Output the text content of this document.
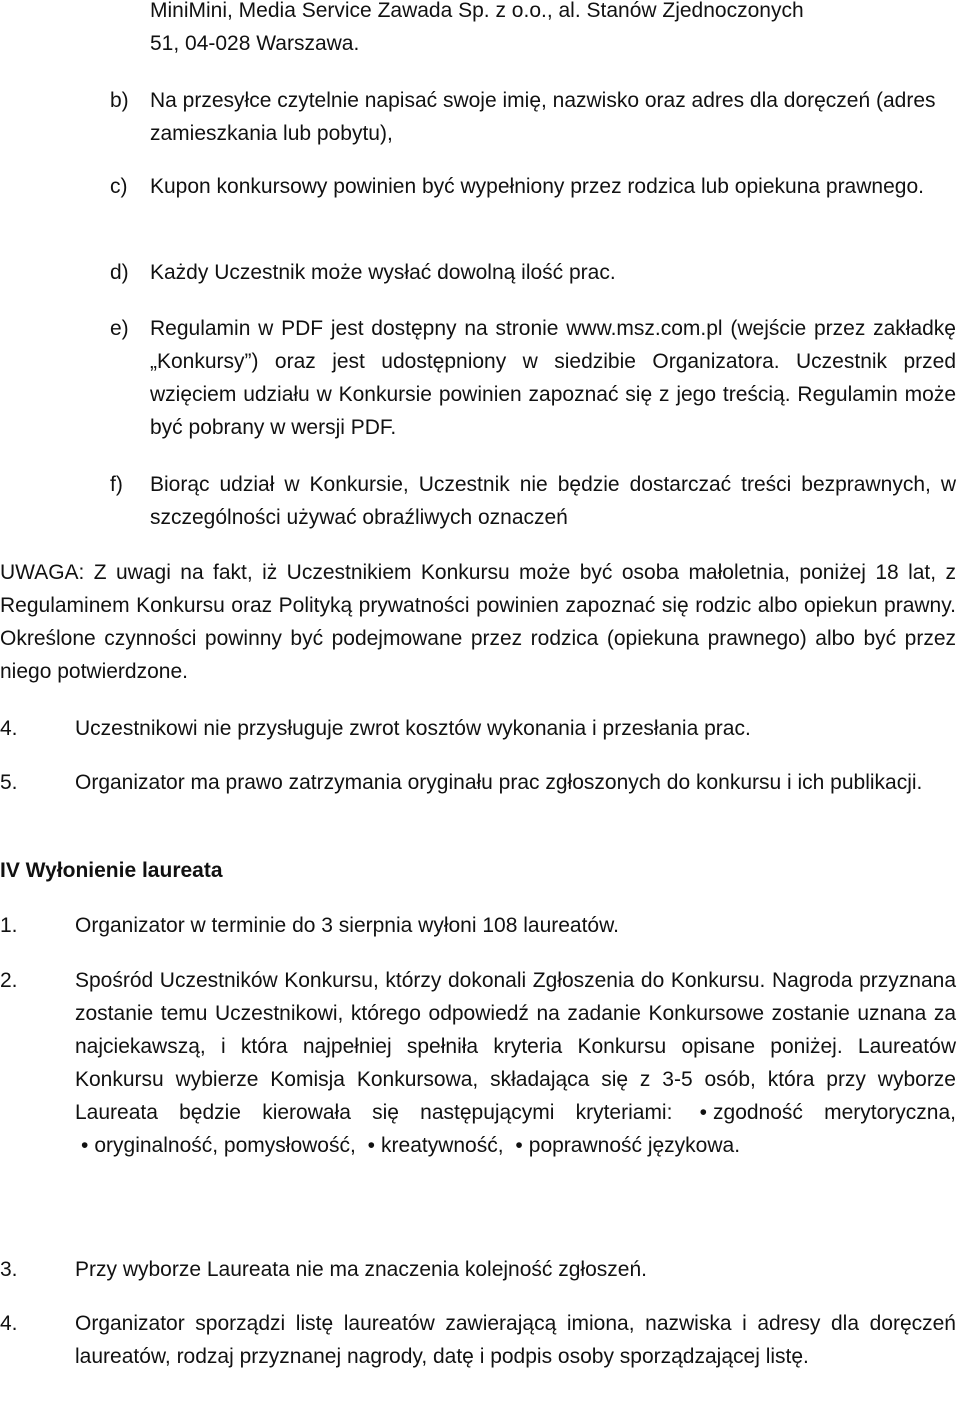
MiniMini, Media Service Zawada Sp. z o.o., al. Stanów Zjednoczonych

51, 04-028 Warszawa.

b)	Na przesyłce czytelnie napisać swoje imię, nazwisko oraz adres dla doręczeń (adres zamieszkania lub pobytu),
c)	Kupon konkursowy powinien być wypełniony przez rodzica lub opiekuna prawnego.
d)	Każdy Uczestnik może wysłać dowolną ilość prac.
e)	Regulamin w PDF jest dostępny na stronie www.msz.com.pl (wejście przez zakładkę „Konkursy”) oraz jest udostępniony w siedzibie Organizatora. Uczestnik przed wzięciem udziału w Konkursie powinien zapoznać się z jego treścią. Regulamin może być pobrany w wersji PDF.
f)	Biorąc udział w Konkursie, Uczestnik nie będzie dostarczać treści bezprawnych, w szczególności używać obraźliwych oznaczeń

UWAGA: Z uwagi na fakt, iż Uczestnikiem Konkursu może być osoba małoletnia, poniżej 18 lat, z Regulaminem Konkursu oraz Polityką prywatności powinien zapoznać się rodzic albo opiekun prawny. Określone czynności powinny być podejmowane przez rodzica (opiekuna prawnego) albo być przez niego potwierdzone.

4.	Uczestnikowi nie przysługuje zwrot kosztów wykonania i przesłania prac.
5.	Organizator ma prawo zatrzymania oryginału prac zgłoszonych do konkursu i ich publikacji.
IV Wyłonienie laureata
1.	Organizator w terminie do 3 sierpnia wyłoni 108 laureatów.
2.	Spośród Uczestników Konkursu, którzy dokonali Zgłoszenia do Konkursu. Nagroda przyznana zostanie temu Uczestnikowi, którego odpowiedź na zadanie Konkursowe zostanie uznana za najciekawszą, i która najpełniej spełniła kryteria Konkursu opisane poniżej. Laureatów Konkursu wybierze Komisja Konkursowa, składająca się z 3-5 osób, która przy wyborze Laureata będzie kierowała się następującymi kryteriami: • zgodność merytoryczna, • oryginalność, pomysłowość, • kreatywność, • poprawność językowa.
3.	Przy wyborze Laureata nie ma znaczenia kolejność zgłoszeń.
4.	Organizator sporządzi listę laureatów zawierającą imiona, nazwiska i adresy dla doręczeń laureatów, rodzaj przyznanej nagrody, datę i podpis osoby sporządzającej listę.
